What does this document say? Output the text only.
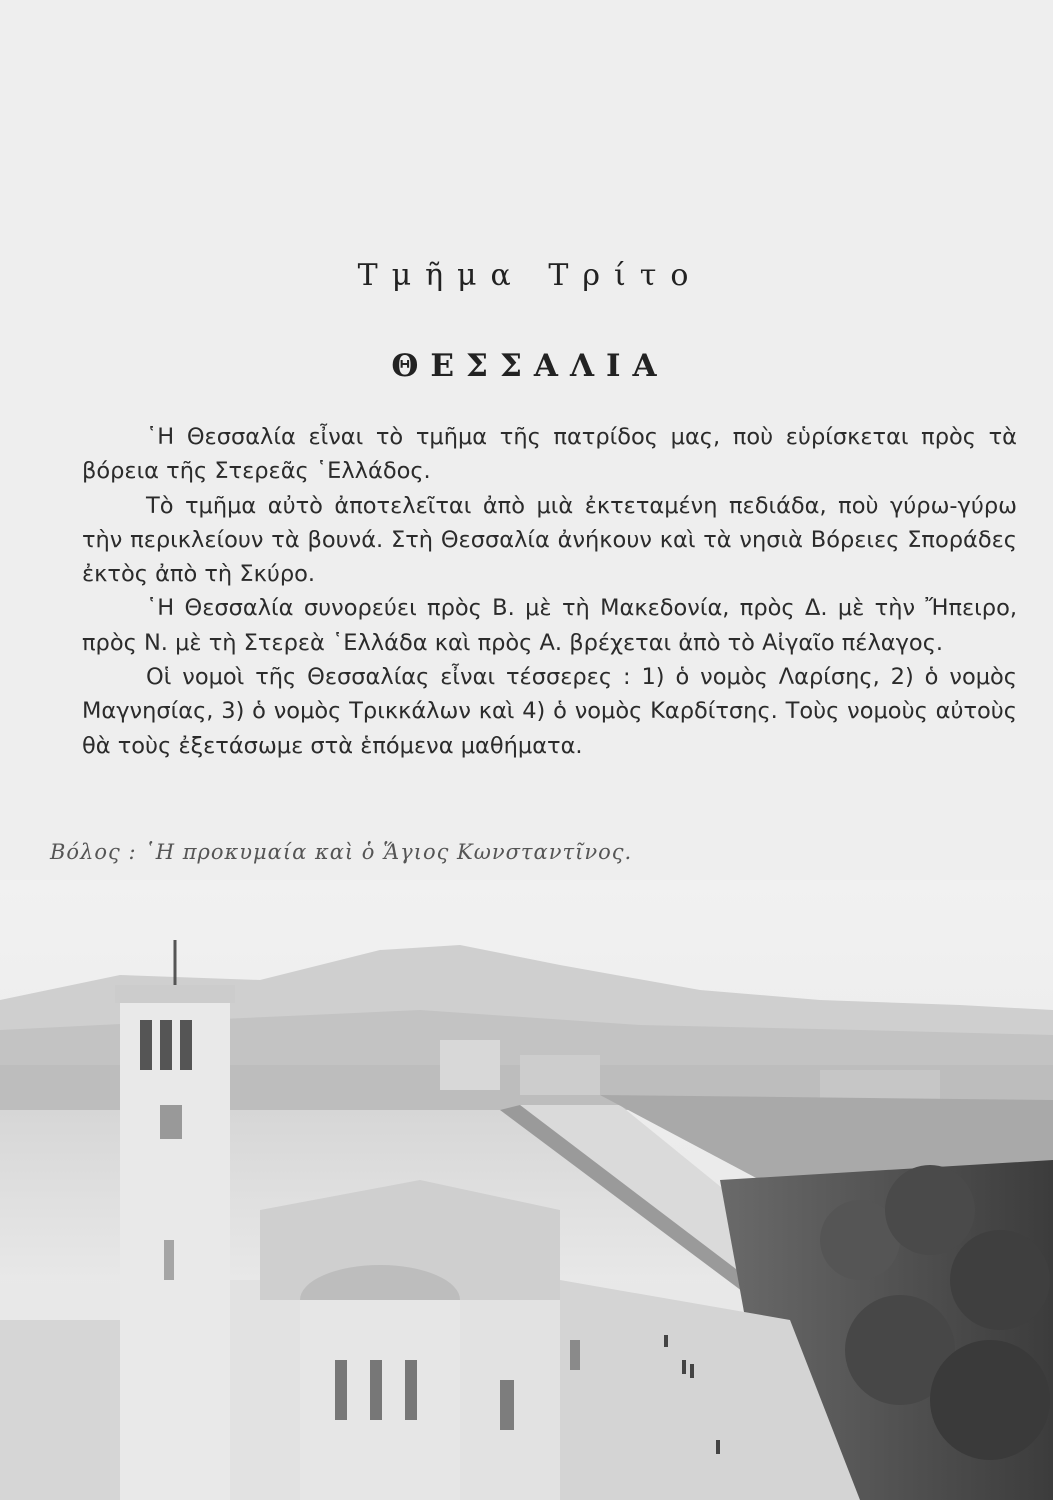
Τμῆμα Τρίτο
ΘΕΣΣΑΛΙΑ

῾Η Θεσσαλία εἶναι τὸ τμῆμα τῆς πατρίδος μας, ποὺ εὑρίσκεται πρὸς τὰ βόρεια τῆς Στερεᾶς ῾Ελλάδος.

Τὸ τμῆμα αὐτὸ ἀποτελεῖται ἀπὸ μιὰ ἐκτεταμένη πεδιάδα, ποὺ γύρω-γύρω τὴν περικλείουν τὰ βουνά. Στὴ Θεσσαλία ἀνήκουν καὶ τὰ νησιὰ Βόρειες Σποράδες ἐκτὸς ἀπὸ τὴ Σκύρο.

῾Η Θεσσαλία συνορεύει πρὸς Β. μὲ τὴ Μακεδονία, πρὸς Δ. μὲ τὴν Ἤπειρο, πρὸς Ν. μὲ τὴ Στερεὰ ῾Ελλάδα καὶ πρὸς Α. βρέχεται ἀπὸ τὸ Αἰγαῖο πέλαγος.

Οἱ νομοὶ τῆς Θεσσαλίας εἶναι τέσσερες : 1) ὁ νομὸς Λαρίσης, 2) ὁ νομὸς Μαγνησίας, 3) ὁ νομὸς Τρικκάλων καὶ 4) ὁ νομὸς Καρδίτσης. Τοὺς νομοὺς αὐτοὺς θὰ τοὺς ἐξετάσωμε στὰ ἑπόμενα μαθήματα.

Βόλος : ῾Η προκυμαία καὶ ὁ Ἅγιος Κωνσταντῖνος.
